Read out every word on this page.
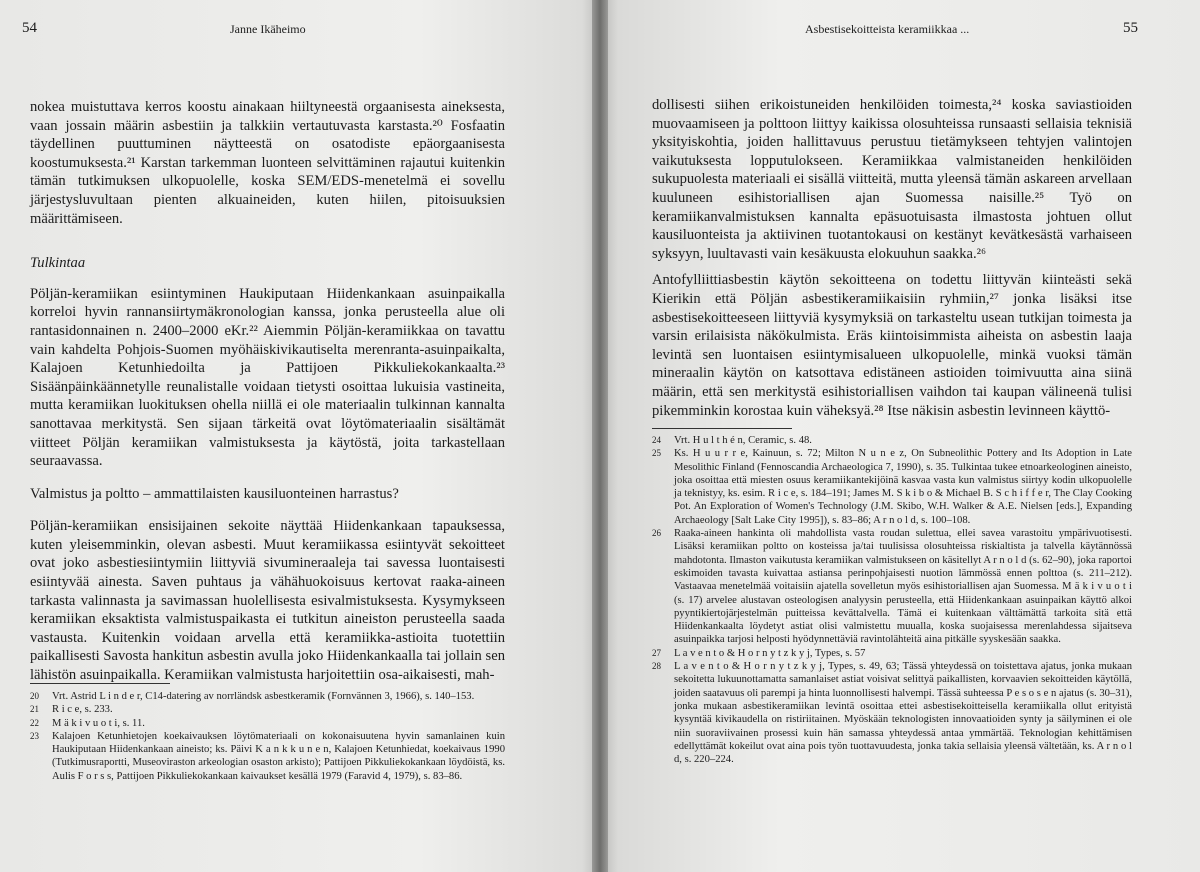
54	Janne Ikäheimo

nokea muistuttava kerros koostu ainakaan hiiltyneestä orgaanisesta aineksesta, vaan jossain määrin asbestiin ja talkkiin vertautuvasta karstasta.²⁰ Fosfaatin täydellinen puuttuminen näytteestä on osatodiste epäorgaanisesta koostumuksesta.²¹ Karstan tarkemman luonteen selvittäminen rajautui kuitenkin tämän tutkimuksen ulkopuolelle, koska SEM/EDS-menetelmä ei sovellu järjestysluvultaan pienten alkuaineiden, kuten hiilen, pitoisuuksien määrittämiseen.

Tulkintaa

Pöljän-keramiikan esiintyminen Haukiputaan Hiidenkankaan asuinpaikalla korreloi hyvin rannansiirtymäkronologian kanssa, jonka perusteella alue oli rantasidonnainen n. 2400–2000 eKr.²² Aiemmin Pöljän-keramiikkaa on tavattu vain kahdelta Pohjois-Suomen myöhäiskivikautiselta merenranta-asuinpaikalta, Kalajoen Ketunhiedoilta ja Pattijoen Pikkuliekokankaalta.²³ Sisäänpäinkäännetylle reunalistalle voidaan tietysti osoittaa lukuisia vastineita, mutta keramiikan luokituksen ohella niillä ei ole materiaalin tulkinnan kannalta sanottavaa merkitystä. Sen sijaan tärkeitä ovat löytömateriaalin sisältämät viitteet Pöljän keramiikan valmistuksesta ja käytöstä, joita tarkastellaan seuraavassa.

Valmistus ja poltto – ammattilaisten kausiluonteinen harrastus?

Pöljän-keramiikan ensisijainen sekoite näyttää Hiidenkankaan tapauksessa, kuten yleisemminkin, olevan asbesti. Muut keramiikassa esiintyvät sekoitteet ovat joko asbestiesiintymiin liittyviä sivumineraaleja tai savessa luontaisesti esiintyvää ainesta. Saven puhtaus ja vähähuokoisuus kertovat raaka-aineen tarkasta valinnasta ja savimassan huolellisesta esivalmistuksesta. Kysymykseen keramiikan eksaktista valmistuspaikasta ei tutkitun aineiston perusteella saada vastausta. Kuitenkin voidaan arvella että keramiikka-astioita tuotettiin paikallisesti Savosta hankitun asbestin avulla joko Hiidenkankaalla tai jollain sen lähistön asuinpaikalla. Keramiikan valmistusta harjoitettiin osa-aikaisesti, mah-

20	Vrt. Astrid L i n d e r, C14-datering av norrländsk asbestkeramik (Fornvännen 3, 1966), s. 140–153.
21	R i c e, s. 233.
22	M ä k i v u o t i, s. 11.
23	Kalajoen Ketunhietojen koekaivauksen löytömateriaali on kokonaisuutena hyvin samanlainen kuin Haukiputaan Hiidenkankaan aineisto; ks. Päivi K a n k k u n e n, Kalajoen Ketunhiedat, koekaivaus 1990 (Tutkimusraportti, Museoviraston arkeologian osaston arkisto); Pattijoen Pikkuliekokankaan löydöistä, ks. Aulis F o r s s, Pattijoen Pikkuliekokankaan kaivaukset kesällä 1979 (Faravid 4, 1979), s. 83–86.
Asbestisekoitteista keramiikkaa ...	55

dollisesti siihen erikoistuneiden henkilöiden toimesta,²⁴ koska saviastioiden muovaamiseen ja polttoon liittyy kaikissa olosuhteissa runsaasti sellaisia teknisiä yksityiskohtia, joiden hallittavuus perustuu tietämykseen tehtyjen valintojen vaikutuksesta lopputulokseen. Keramiikkaa valmistaneiden henkilöiden sukupuolesta materiaali ei sisällä viitteitä, mutta yleensä tämän askareen arvellaan kuuluneen esihistoriallisen ajan Suomessa naisille.²⁵ Työ on keramiikanvalmistuksen kannalta epäsuotuisasta ilmastosta johtuen ollut kausiluonteista ja aktiivinen tuotantokausi on kestänyt kevätkesästä varhaiseen syksyyn, luultavasti vain kesäkuusta elokuuhun saakka.²⁶

Antofylliittiasbestin käytön sekoitteena on todettu liittyvän kiinteästi sekä Kierikin että Pöljän asbestikeramiikaisiin ryhmiin,²⁷ jonka lisäksi itse asbestisekoitteeseen liittyviä kysymyksiä on tarkasteltu usean tutkijan toimesta ja varsin erilaisista näkökulmista. Eräs kiintoisimmista aiheista on asbestin laaja levintä sen luontaisen esiintymisalueen ulkopuolelle, minkä vuoksi tämän mineraalin käytön on katsottava edistäneen astioiden toimivuutta aina siinä määrin, että sen merkitystä esihistoriallisen vaihdon tai kaupan välineenä tulisi pikemminkin korostaa kuin väheksyä.²⁸ Itse näkisin asbestin levinneen käyttö-

24	Vrt. H u l t h é n, Ceramic, s. 48.
25	Ks. H u u r r e, Kainuun, s. 72; Milton N u n e z, On Subneolithic Pottery and Its Adoption in Late Mesolithic Finland (Fennoscandia Archaeologica 7, 1990), s. 35. Tulkintaa tukee etnoarkeologinen aineisto, joka osoittaa että miesten osuus keramiikantekijöinä kasvaa vasta kun valmistus siirtyy kodin ulkopuolelle ja teknistyy, ks. esim. R i c e, s. 184–191; James M. S k i b o & Michael B. S c h i f f e r, The Clay Cooking Pot. An Exploration of Women's Technology (J.M. Skibo, W.H. Walker & A.E. Nielsen [eds.], Expanding Archaeology [Salt Lake City 1995]), s. 83–86; A r n o l d, s. 100–108.
26	Raaka-aineen hankinta oli mahdollista vasta roudan sulettua, ellei savea varastoitu ympärivuotisesti. Lisäksi keramiikan poltto on kosteissa ja/tai tuulisissa olosuhteissa riskialtista ja talvella käytännössä mahdotonta. Ilmaston vaikutusta keramiikan valmistukseen on käsitellyt A r n o l d (s. 62–90), joka raportoi eskimoiden tavasta kuivattaa astiansa perinpohjaisesti nuotion lämmössä ennen polttoa (s. 211–212). Vastaavaa menetelmää voitaisiin ajatella sovelletun myös esihistoriallisen ajan Suomessa. M ä k i v u o t i (s. 17) arvelee alustavan osteologisen analyysin perusteella, että Hiidenkankaan asuinpaikan käyttö alkoi pyyntikiertojärjestelmän puitteissa kevättalvella. Tämä ei kuitenkaan välttämättä tarkoita sitä että Hiidenkankaalta löydetyt astiat olisi valmistettu muualla, koska suojaisessa merenlahdessa sijaitseva asuinpaikka tarjosi helposti hyödynnettäviä ravintolähteitä aina pitkälle syyskesään saakka.
27	L a v e n t o & H o r n y t z k y j, Types, s. 57
28	L a v e n t o & H o r n y t z k y j, Types, s. 49, 63; Tässä yhteydessä on toistettava ajatus, jonka mukaan sekoitetta lukuunottamatta samanlaiset astiat voisivat selittyä paikallisten, korvaavien sekoitteiden käytöllä, joiden saatavuus oli parempi ja hinta luonnollisesti halvempi. Tässä suhteessa P e s o s e n ajatus (s. 30–31), jonka mukaan asbestikeramiikan levintä osoittaa ettei asbestisekoitteisella keramiikalla ollut erityistä kysyntää kivikaudella on ristiriitainen. Myöskään teknologisten innovaatioiden synty ja säilyminen ei ole niin suoraviivainen prosessi kuin hän samassa yhteydessä antaa ymmärtää. Teknologian kehittämisen edellyttämät kokeilut ovat aina pois työn tuottavuudesta, jonka takia sellaisia yleensä vältetään, ks. A r n o l d, s. 220–224.
